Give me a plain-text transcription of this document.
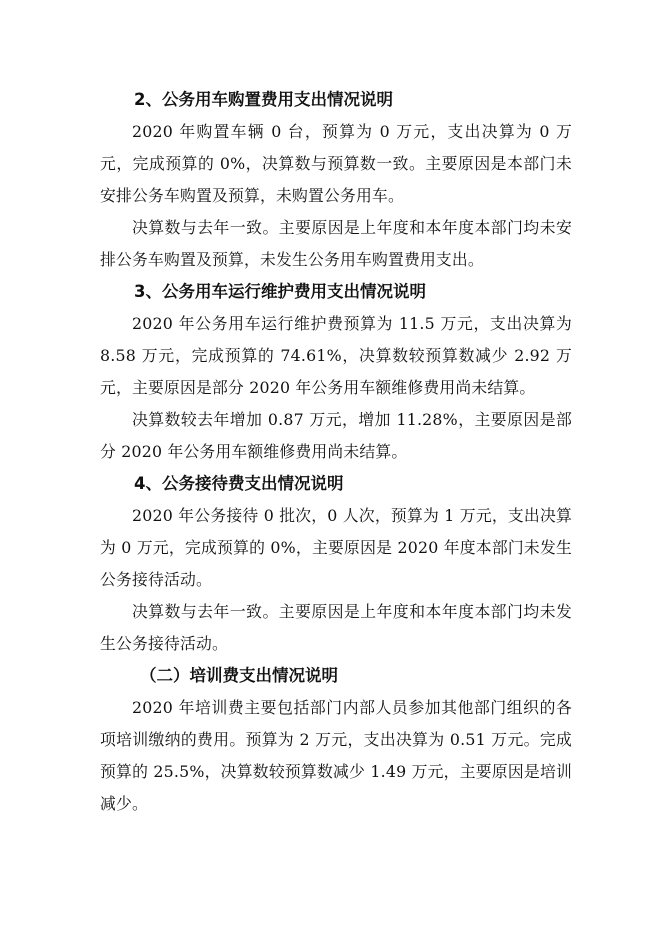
2、公务用车购置费用支出情况说明

2020 年购置车辆 0 台，预算为 0 万元，支出决算为 0 万元，完成预算的 0%，决算数与预算数一致。主要原因是本部门未安排公务车购置及预算，未购置公务用车。

决算数与去年一致。主要原因是上年度和本年度本部门均未安排公务车购置及预算，未发生公务用车购置费用支出。

3、公务用车运行维护费用支出情况说明

2020 年公务用车运行维护费预算为 11.5 万元，支出决算为 8.58 万元，完成预算的 74.61%，决算数较预算数减少 2.92 万元，主要原因是部分 2020 年公务用车额维修费用尚未结算。

决算数较去年增加 0.87 万元，增加 11.28%，主要原因是部分 2020 年公务用车额维修费用尚未结算。

4、公务接待费支出情况说明

2020 年公务接待 0 批次，0 人次，预算为 1 万元，支出决算为 0 万元，完成预算的 0%，主要原因是 2020 年度本部门未发生公务接待活动。

决算数与去年一致。主要原因是上年度和本年度本部门均未发生公务接待活动。

（二）培训费支出情况说明

2020 年培训费主要包括部门内部人员参加其他部门组织的各项培训缴纳的费用。预算为 2 万元，支出决算为 0.51 万元。完成预算的 25.5%，决算数较预算数减少 1.49 万元，主要原因是培训减少。
